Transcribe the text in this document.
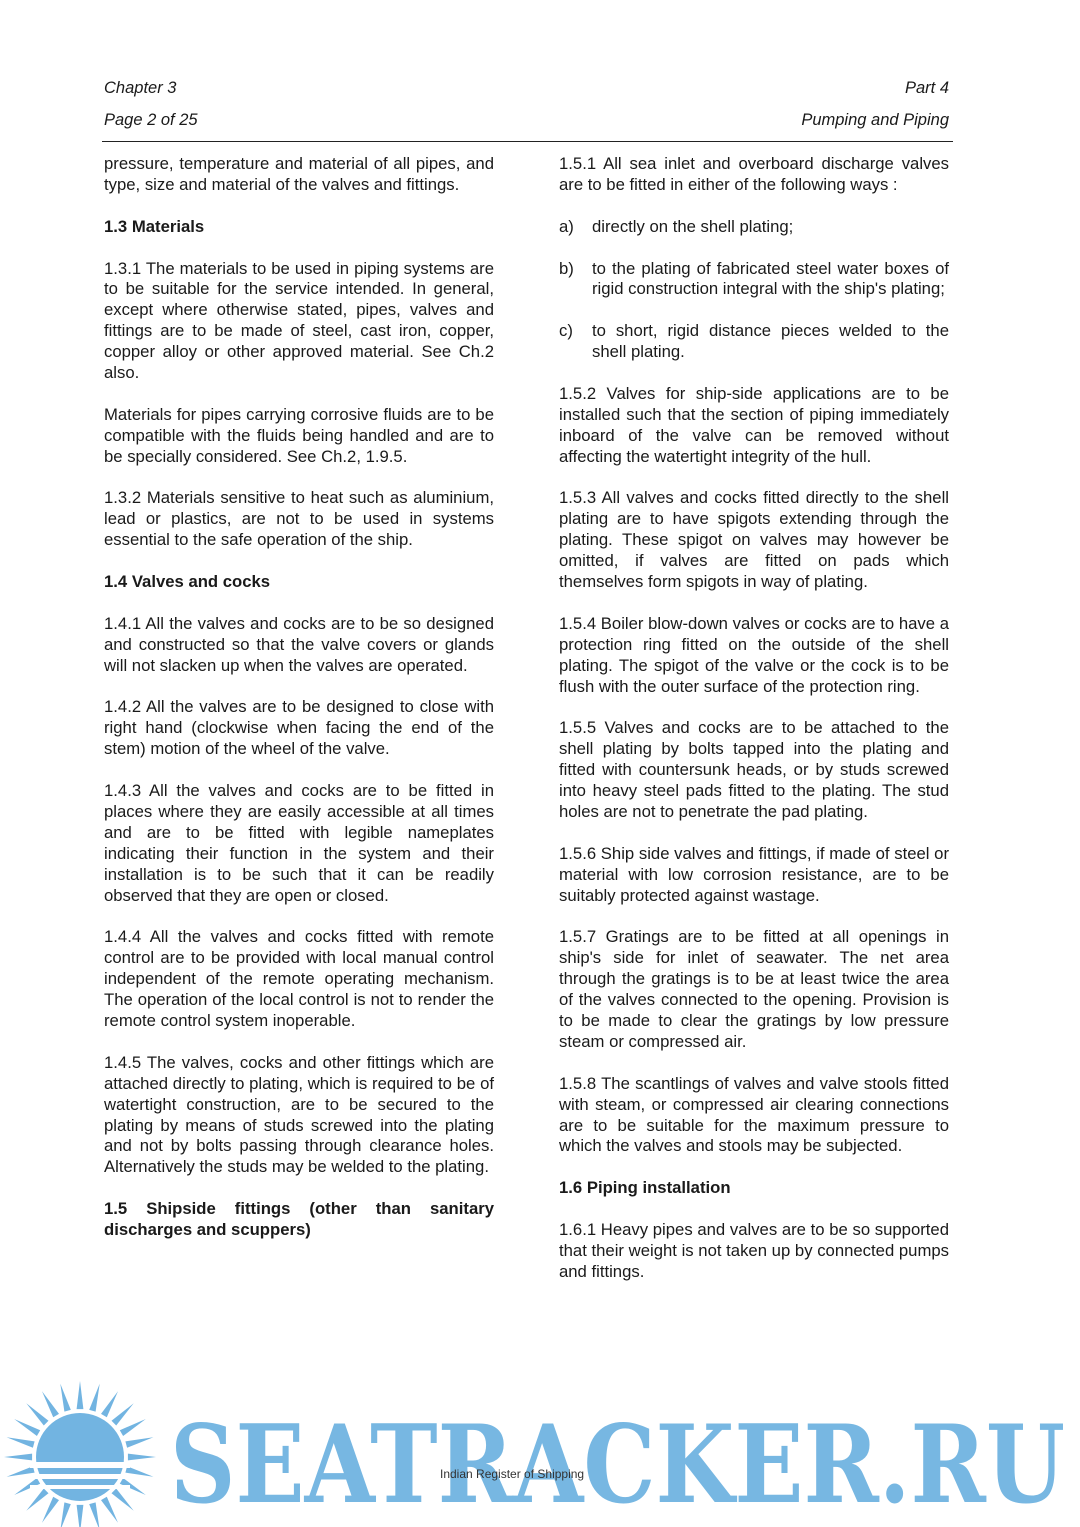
Chapter 3
Page 2 of 25
Part 4
Pumping and Piping

pressure, temperature and material of all pipes, and type, size and material of the valves and fittings.

1.3 Materials

1.3.1 The materials to be used in piping systems are to be suitable for the service intended. In general, except where otherwise stated, pipes, valves and fittings are to be made of steel, cast iron, copper, copper alloy or other approved material. See Ch.2 also.

Materials for pipes carrying corrosive fluids are to be compatible with the fluids being handled and are to be specially considered. See Ch.2, 1.9.5.

1.3.2 Materials sensitive to heat such as aluminium, lead or plastics, are not to be used in systems essential to the safe operation of the ship.

1.4 Valves and cocks

1.4.1 All the valves and cocks are to be so designed and constructed so that the valve covers or glands will not slacken up when the valves are operated.

1.4.2 All the valves are to be designed to close with right hand (clockwise when facing the end of the stem) motion of the wheel of the valve.

1.4.3 All the valves and cocks are to be fitted in places where they are easily accessible at all times and are to be fitted with legible nameplates indicating their function in the system and their installation is to be such that it can be readily observed that they are open or closed.

1.4.4 All the valves and cocks fitted with remote control are to be provided with local manual control independent of the remote operating mechanism. The operation of the local control is not to render the remote control system inoperable.

1.4.5 The valves, cocks and other fittings which are attached directly to plating, which is required to be of watertight construction, are to be secured to the plating by means of studs screwed into the plating and not by bolts passing through clearance holes. Alternatively the studs may be welded to the plating.

1.5 Shipside fittings (other than sanitary discharges and scuppers)

1.5.1 All sea inlet and overboard discharge valves are to be fitted in either of the following ways :

a) directly on the shell plating;
b) to the plating of fabricated steel water boxes of rigid construction integral with the ship's plating;
c) to short, rigid distance pieces welded to the shell plating.

1.5.2 Valves for ship-side applications are to be installed such that the section of piping immediately inboard of the valve can be removed without affecting the watertight integrity of the hull.

1.5.3 All valves and cocks fitted directly to the shell plating are to have spigots extending through the plating. These spigot on valves may however be omitted, if valves are fitted on pads which themselves form spigots in way of plating.

1.5.4 Boiler blow-down valves or cocks are to have a protection ring fitted on the outside of the shell plating. The spigot of the valve or the cock is to be flush with the outer surface of the protection ring.

1.5.5 Valves and cocks are to be attached to the shell plating by bolts tapped into the plating and fitted with countersunk heads, or by studs screwed into heavy steel pads fitted to the plating. The stud holes are not to penetrate the pad plating.

1.5.6 Ship side valves and fittings, if made of steel or material with low corrosion resistance, are to be suitably protected against wastage.

1.5.7 Gratings are to be fitted at all openings in ship's side for inlet of seawater. The net area through the gratings is to be at least twice the area of the valves connected to the opening. Provision is to be made to clear the gratings by low pressure steam or compressed air.

1.5.8 The scantlings of valves and valve stools fitted with steam, or compressed air clearing connections are to be suitable for the maximum pressure to which the valves and stools may be subjected.

1.6 Piping installation

1.6.1 Heavy pipes and valves are to be so supported that their weight is not taken up by connected pumps and fittings.

SEATRACKER.RU
Indian Register of Shipping
